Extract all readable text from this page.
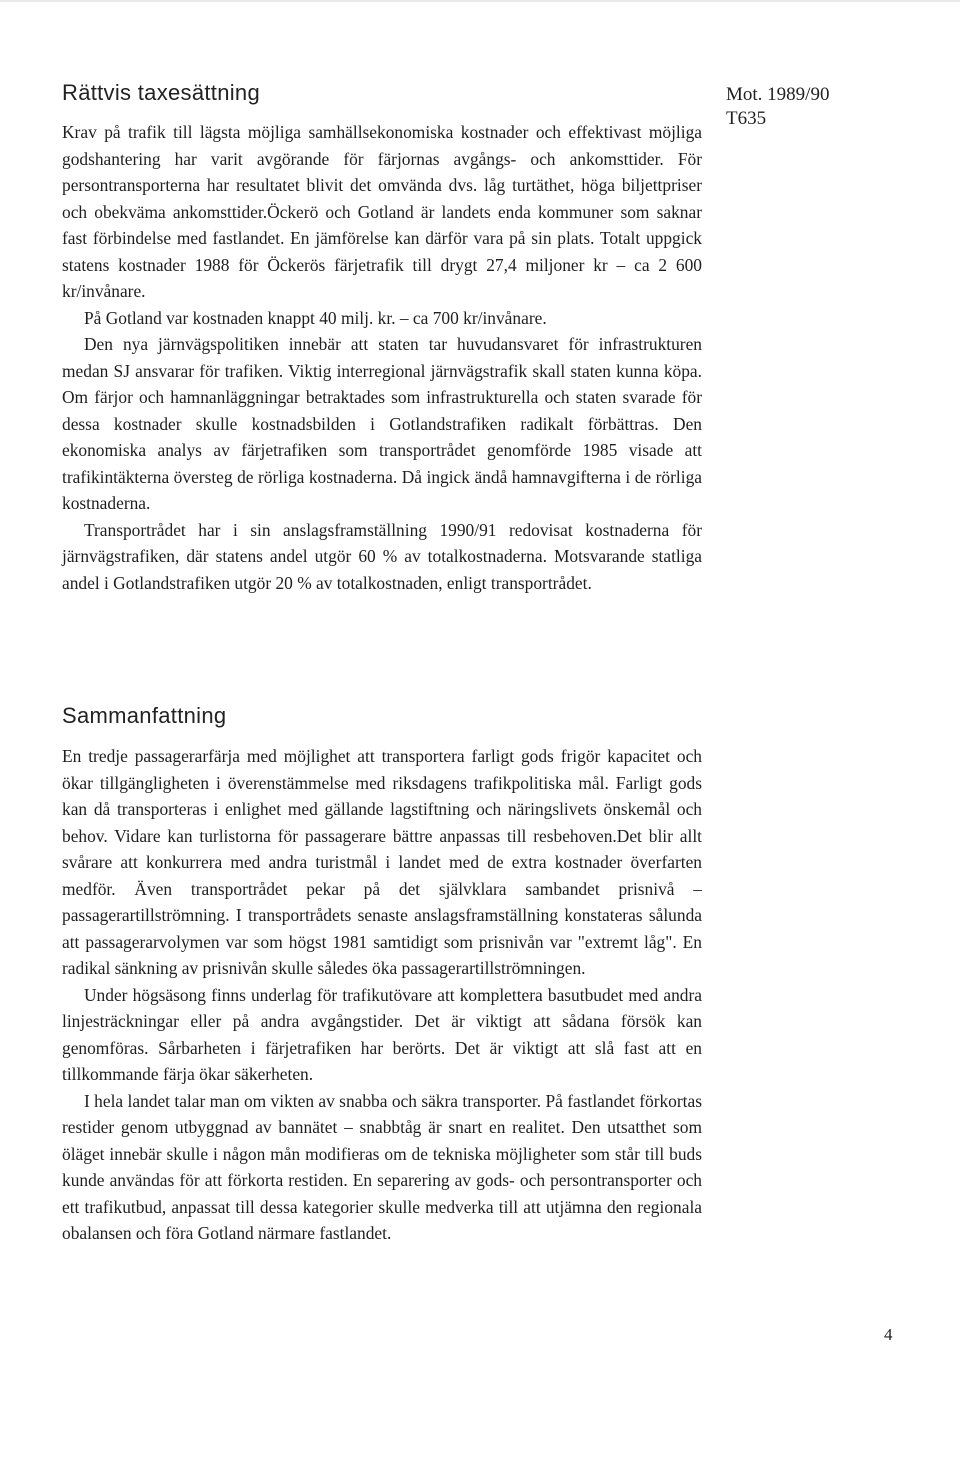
Rättvis taxesättning	Mot. 1989/90
T635

Krav på trafik till lägsta möjliga samhällsekonomiska kostnader och effektivast möjliga godshantering har varit avgörande för färjornas avgångs- och ankomsttider. För persontransporterna har resultatet blivit det omvända dvs. låg turtäthet, höga biljettpriser och obekväma ankomsttider.Öckerö och Gotland är landets enda kommuner som saknar fast förbindelse med fastlandet. En jämförelse kan därför vara på sin plats. Totalt uppgick statens kostnader 1988 för Öckerös färjetrafik till drygt 27,4 miljoner kr – ca 2 600 kr/invånare.

På Gotland var kostnaden knappt 40 milj. kr. – ca 700 kr/invånare.

Den nya järnvägspolitiken innebär att staten tar huvudansvaret för infrastrukturen medan SJ ansvarar för trafiken. Viktig interregional järnvägstrafik skall staten kunna köpa. Om färjor och hamnanläggningar betraktades som infrastrukturella och staten svarade för dessa kostnader skulle kostnadsbilden i Gotlandstrafiken radikalt förbättras. Den ekonomiska analys av färjetrafiken som transportrådet genomförde 1985 visade att trafikintäkterna översteg de rörliga kostnaderna. Då ingick ändå hamnavgifterna i de rörliga kostnaderna.

Transportrådet har i sin anslagsframställning 1990/91 redovisat kostnaderna för järnvägstrafiken, där statens andel utgör 60 % av totalkostnaderna. Motsvarande statliga andel i Gotlandstrafiken utgör 20 % av totalkostnaden, enligt transportrådet.

Sammanfattning

En tredje passagerarfärja med möjlighet att transportera farligt gods frigör kapacitet och ökar tillgängligheten i överenstämmelse med riksdagens trafikpolitiska mål. Farligt gods kan då transporteras i enlighet med gällande lagstiftning och näringslivets önskemål och behov. Vidare kan turlistorna för passagerare bättre anpassas till resbehoven.Det blir allt svårare att konkurrera med andra turistmål i landet med de extra kostnader överfarten medför. Även transportrådet pekar på det självklara sambandet prisnivå – passagerartillströmning. I transportrådets senaste anslagsframställning konstateras sålunda att passagerarvolymen var som högst 1981 samtidigt som prisnivån var "extremt låg". En radikal sänkning av prisnivån skulle således öka passagerartillströmningen.

Under högsäsong finns underlag för trafikutövare att komplettera basutbudet med andra linjesträckningar eller på andra avgångstider. Det är viktigt att sådana försök kan genomföras. Sårbarheten i färjetrafiken har berörts. Det är viktigt att slå fast att en tillkommande färja ökar säkerheten.

I hela landet talar man om vikten av snabba och säkra transporter. På fastlandet förkortas restider genom utbyggnad av bannätet – snabbtåg är snart en realitet. Den utsatthet som öläget innebär skulle i någon mån modifieras om de tekniska möjligheter som står till buds kunde användas för att förkorta restiden. En separering av gods- och persontransporter och ett trafikutbud, anpassat till dessa kategorier skulle medverka till att utjämna den regionala obalansen och föra Gotland närmare fastlandet.

4
